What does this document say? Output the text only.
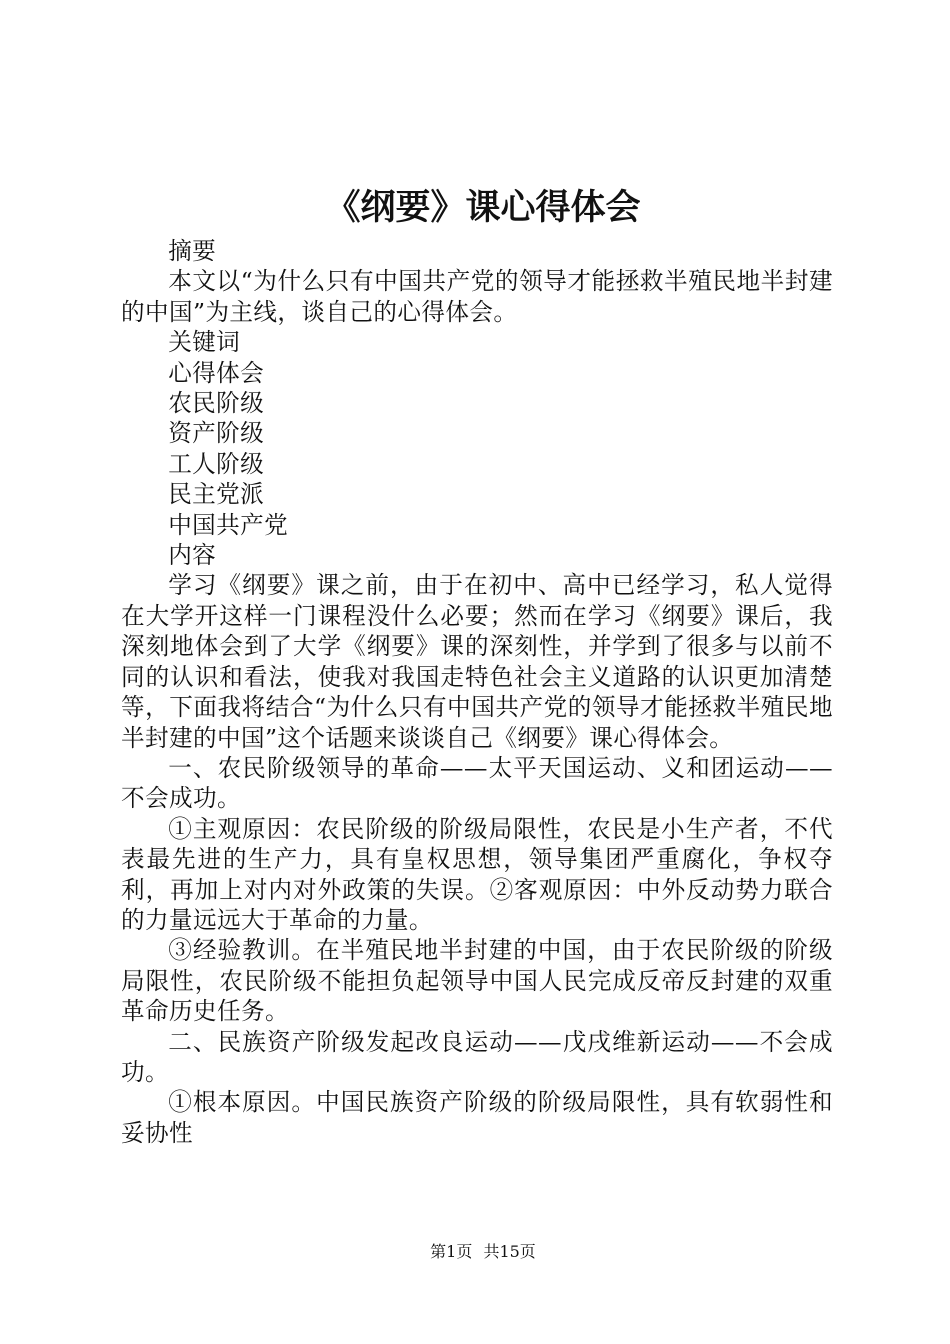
《纲要》课心得体会

摘要

本文以“为什么只有中国共产党的领导才能拯救半殖民地半封建的中国”为主线，谈自己的心得体会。

关键词

心得体会

农民阶级

资产阶级

工人阶级

民主党派

中国共产党

内容

学习《纲要》课之前，由于在初中、高中已经学习，私人觉得在大学开这样一门课程没什么必要；然而在学习《纲要》课后，我深刻地体会到了大学《纲要》课的深刻性，并学到了很多与以前不同的认识和看法，使我对我国走特色社会主义道路的认识更加清楚等，下面我将结合“为什么只有中国共产党的领导才能拯救半殖民地半封建的中国”这个话题来谈谈自己《纲要》课心得体会。

一、农民阶级领导的革命——太平天国运动、义和团运动——不会成功。

①主观原因：农民阶级的阶级局限性，农民是小生产者，不代表最先进的生产力，具有皇权思想，领导集团严重腐化，争权夺利，再加上对内对外政策的失误。②客观原因：中外反动势力联合的力量远远大于革命的力量。

③经验教训。在半殖民地半封建的中国，由于农民阶级的阶级局限性，农民阶级不能担负起领导中国人民完成反帝反封建的双重革命历史任务。

二、民族资产阶级发起改良运动——戊戌维新运动——不会成功。

①根本原因。中国民族资产阶级的阶级局限性，具有软弱性和妥协性

第1页 共15页
